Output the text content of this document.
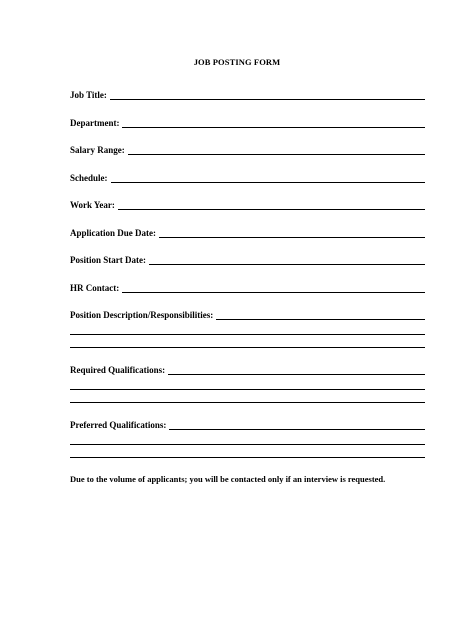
JOB POSTING FORM
Job Title:
Department:
Salary Range:
Schedule:
Work Year:
Application Due Date:
Position Start Date:
HR Contact:
Position Description/Responsibilities:
Required Qualifications:
Preferred Qualifications:
Due to the volume of applicants; you will be contacted only if an interview is requested.
